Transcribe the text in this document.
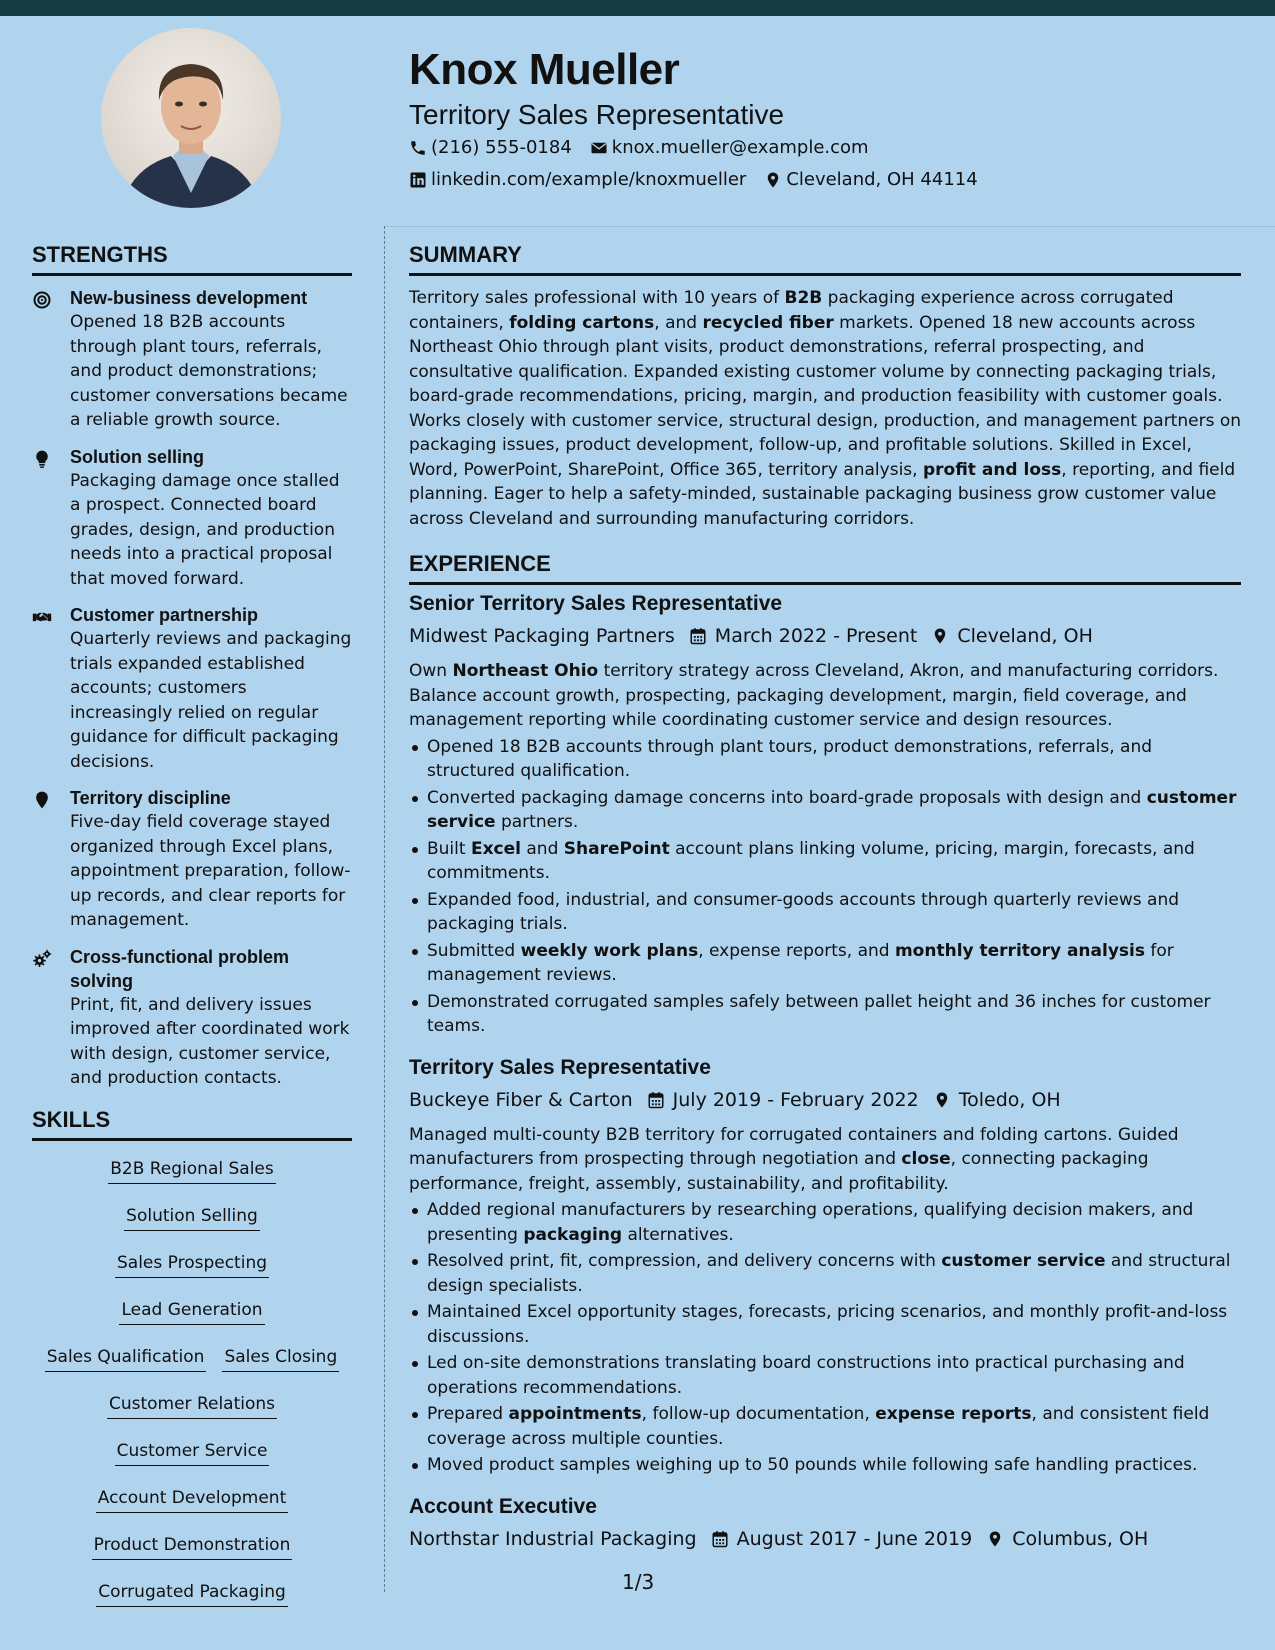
Knox Mueller
Territory Sales Representative
(216) 555-0184 knox.mueller@example.com
linkedin.com/example/knoxmueller Cleveland, OH 44114
STRENGTHS
New-business development
Opened 18 B2B accounts through plant tours, referrals, and product demonstrations; customer conversations became a reliable growth source.
Solution selling
Packaging damage once stalled a prospect. Connected board grades, design, and production needs into a practical proposal that moved forward.
Customer partnership
Quarterly reviews and packaging trials expanded established accounts; customers increasingly relied on regular guidance for difficult packaging decisions.
Territory discipline
Five-day field coverage stayed organized through Excel plans, appointment preparation, follow-up records, and clear reports for management.
Cross-functional problem solving
Print, fit, and delivery issues improved after coordinated work with design, customer service, and production contacts.
SKILLS
B2B Regional Sales
Solution Selling
Sales Prospecting
Lead Generation
Sales Qualification Sales Closing
Customer Relations
Customer Service
Account Development
Product Demonstration
Corrugated Packaging
SUMMARY
Territory sales professional with 10 years of B2B packaging experience across corrugated containers, folding cartons, and recycled fiber markets. Opened 18 new accounts across Northeast Ohio through plant visits, product demonstrations, referral prospecting, and consultative qualification. Expanded existing customer volume by connecting packaging trials, board-grade recommendations, pricing, margin, and production feasibility with customer goals. Works closely with customer service, structural design, production, and management partners on packaging issues, product development, follow-up, and profitable solutions. Skilled in Excel, Word, PowerPoint, SharePoint, Office 365, territory analysis, profit and loss, reporting, and field planning. Eager to help a safety-minded, sustainable packaging business grow customer value across Cleveland and surrounding manufacturing corridors.
EXPERIENCE
Senior Territory Sales Representative
Midwest Packaging Partners March 2022 - Present Cleveland, OH
Own Northeast Ohio territory strategy across Cleveland, Akron, and manufacturing corridors. Balance account growth, prospecting, packaging development, margin, field coverage, and management reporting while coordinating customer service and design resources.
Opened 18 B2B accounts through plant tours, product demonstrations, referrals, and structured qualification.
Converted packaging damage concerns into board-grade proposals with design and customer service partners.
Built Excel and SharePoint account plans linking volume, pricing, margin, forecasts, and commitments.
Expanded food, industrial, and consumer-goods accounts through quarterly reviews and packaging trials.
Submitted weekly work plans, expense reports, and monthly territory analysis for management reviews.
Demonstrated corrugated samples safely between pallet height and 36 inches for customer teams.
Territory Sales Representative
Buckeye Fiber & Carton July 2019 - February 2022 Toledo, OH
Managed multi-county B2B territory for corrugated containers and folding cartons. Guided manufacturers from prospecting through negotiation and close, connecting packaging performance, freight, assembly, sustainability, and profitability.
Added regional manufacturers by researching operations, qualifying decision makers, and presenting packaging alternatives.
Resolved print, fit, compression, and delivery concerns with customer service and structural design specialists.
Maintained Excel opportunity stages, forecasts, pricing scenarios, and monthly profit-and-loss discussions.
Led on-site demonstrations translating board constructions into practical purchasing and operations recommendations.
Prepared appointments, follow-up documentation, expense reports, and consistent field coverage across multiple counties.
Moved product samples weighing up to 50 pounds while following safe handling practices.
Account Executive
Northstar Industrial Packaging August 2017 - June 2019 Columbus, OH
1/3
